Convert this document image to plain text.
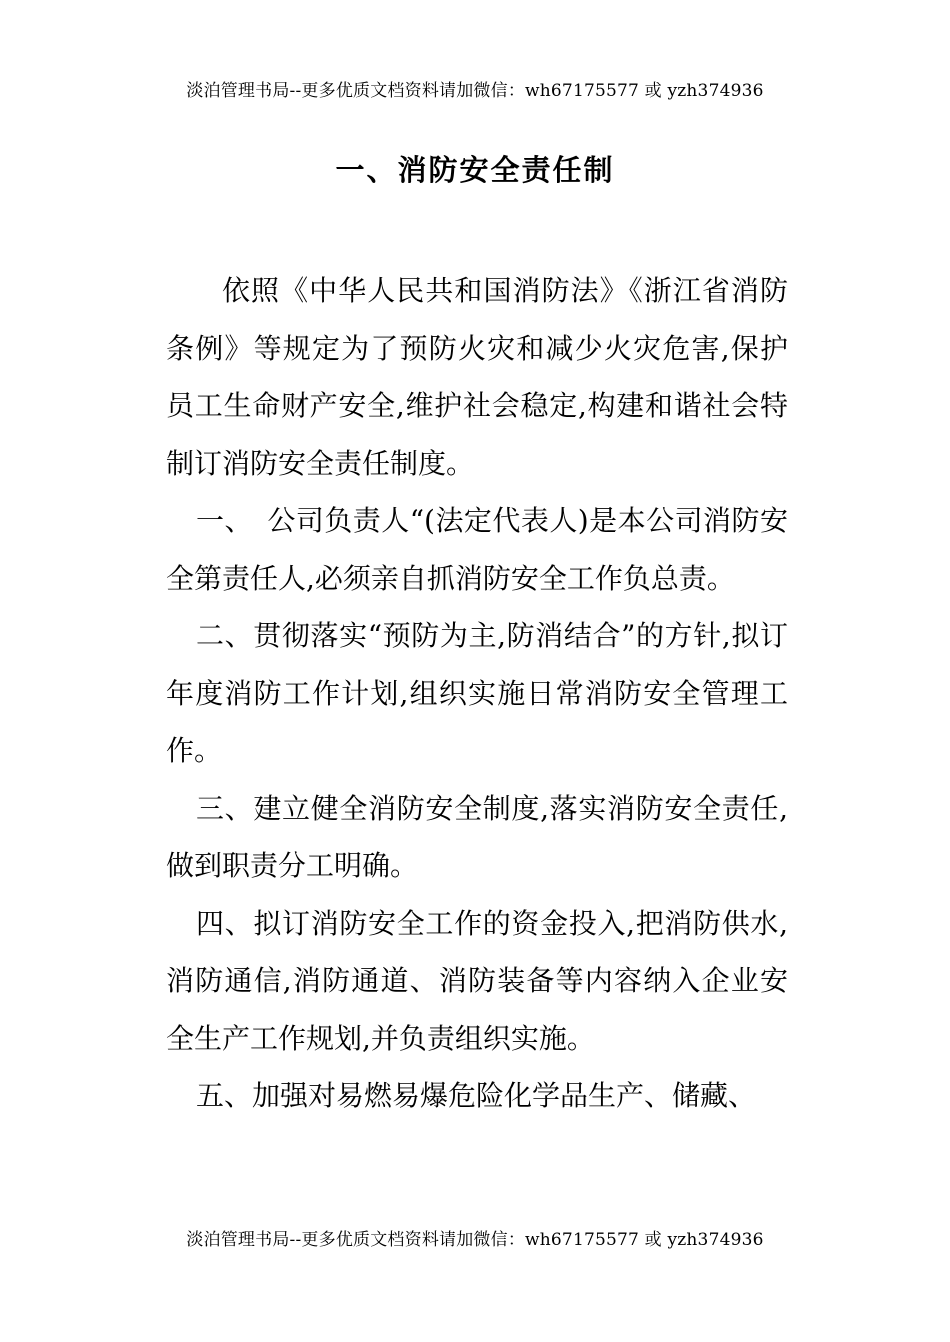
淡泊管理书局--更多优质文档资料请加微信：wh67175577 或 yzh374936
一、消防安全责任制

依照《中华人民共和国消防法》《浙江省消防条例》等规定为了预防火灾和减少火灾危害,保护员工生命财产安全,维护社会稳定,构建和谐社会特制订消防安全责任制度。

一、　公司负责人“(法定代表人)是本公司消防安全第责任人,必须亲自抓消防安全工作负总责。

二、贯彻落实“预防为主,防消结合”的方针,拟订年度消防工作计划,组织实施日常消防安全管理工作。

三、建立健全消防安全制度,落实消防安全责任,做到职责分工明确。

四、拟订消防安全工作的资金投入,把消防供水,消防通信,消防通道、消防装备等内容纳入企业安全生产工作规划,并负责组织实施。

五、加强对易燃易爆危险化学品生产、储藏、

淡泊管理书局--更多优质文档资料请加微信：wh67175577 或 yzh374936
